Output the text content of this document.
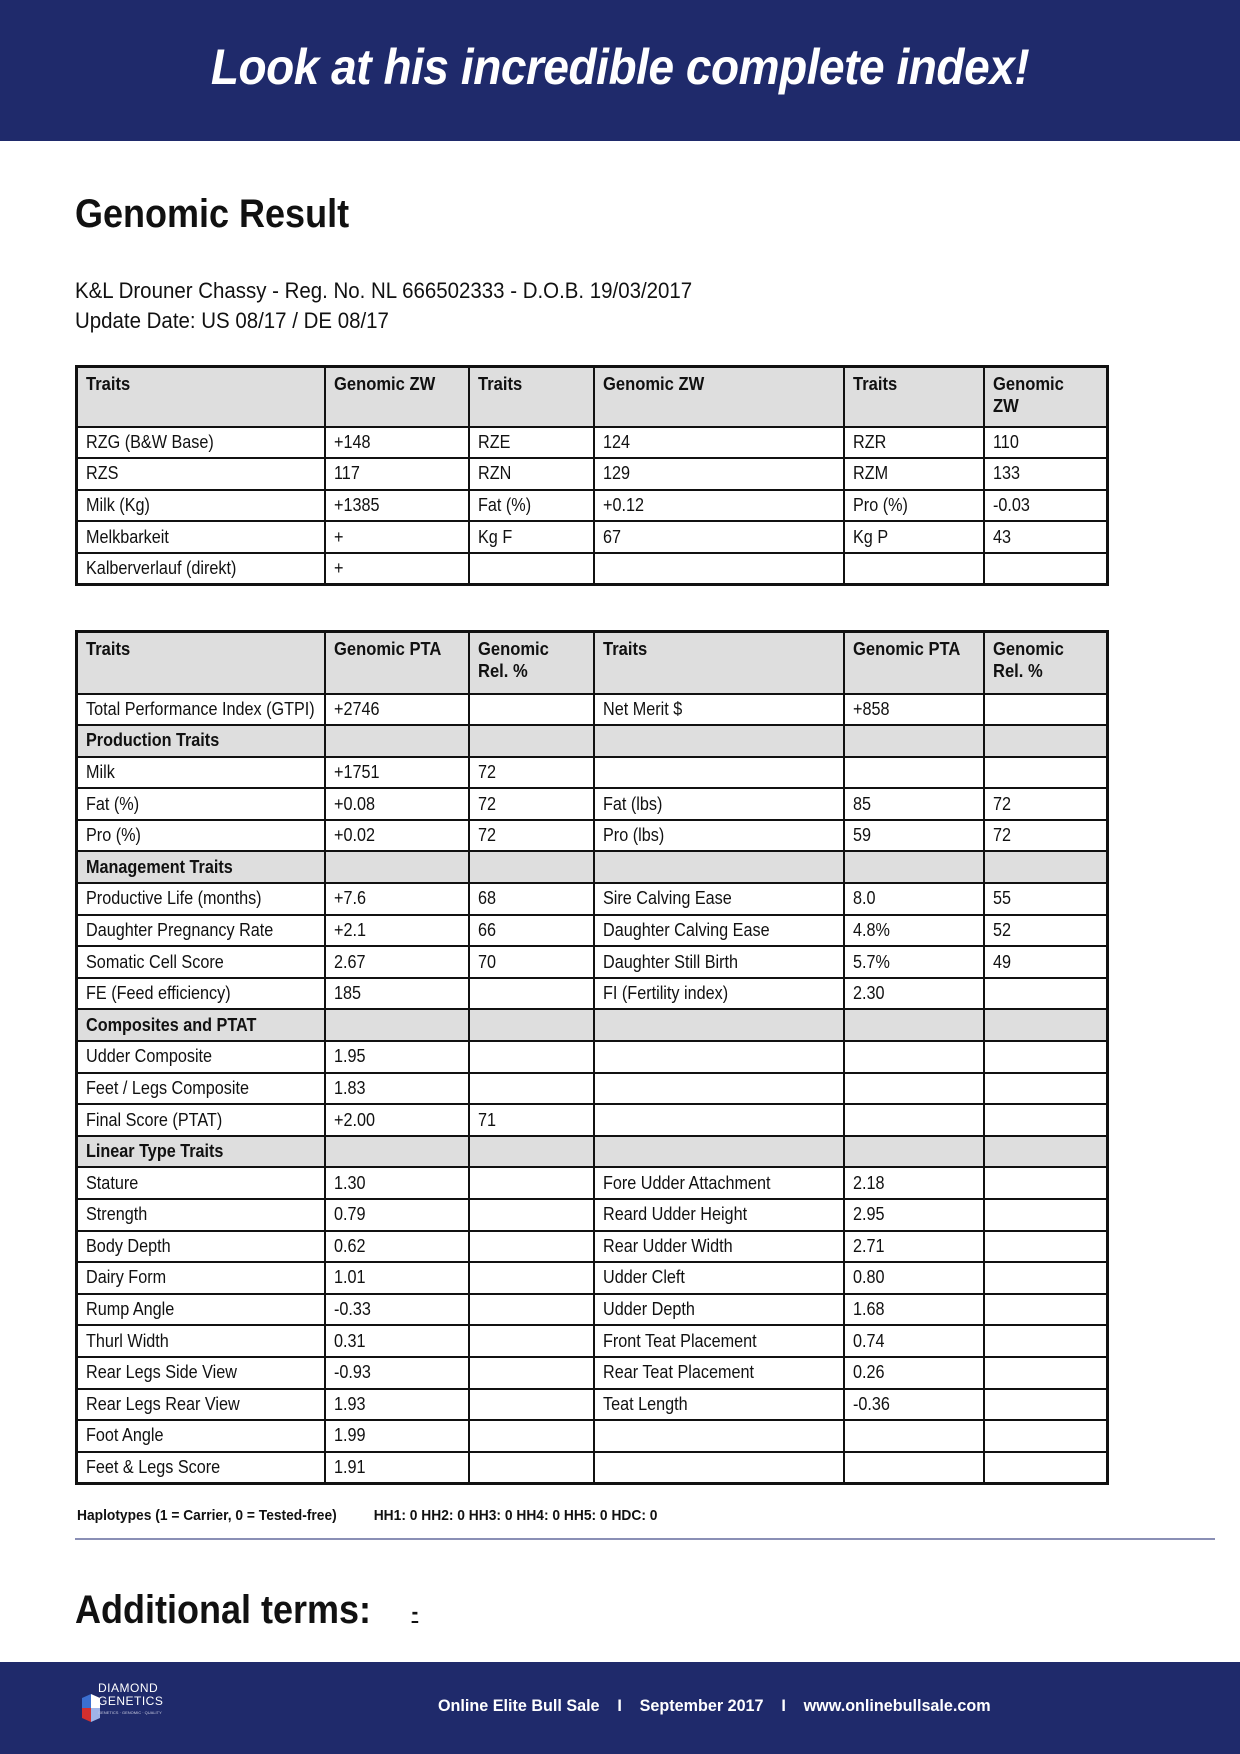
Look at his incredible complete index!
Genomic Result
K&L Drouner Chassy - Reg. No. NL 666502333 - D.O.B. 19/03/2017
Update Date: US 08/17 / DE 08/17
Traits	Genomic ZW	Traits	Genomic ZW	Traits	Genomic ZW
RZG (B&W Base)	+148	RZE	124	RZR	110
RZS	117	RZN	129	RZM	133
Milk (Kg)	+1385	Fat (%)	+0.12	Pro (%)	-0.03
Melkbarkeit	+	Kg F	67	Kg P	43
Kalberverlauf (direkt)	+				
Traits	Genomic PTA	Genomic Rel. %	Traits	Genomic PTA	Genomic Rel. %
Total Performance Index (GTPI)	+2746		Net Merit $	+858	
Production Traits					
Milk	+1751	72			
Fat (%)	+0.08	72	Fat (lbs)	85	72
Pro (%)	+0.02	72	Pro (lbs)	59	72
Management Traits					
Productive Life (months)	+7.6	68	Sire Calving Ease	8.0	55
Daughter Pregnancy Rate	+2.1	66	Daughter Calving Ease	4.8%	52
Somatic Cell Score	2.67	70	Daughter Still Birth	5.7%	49
FE (Feed efficiency)	185		FI (Fertility index)	2.30	
Composites and PTAT					
Udder Composite	1.95				
Feet / Legs Composite	1.83				
Final Score (PTAT)	+2.00	71			
Linear Type Traits					
Stature	1.30		Fore Udder Attachment	2.18	
Strength	0.79		Reard Udder Height	2.95	
Body Depth	0.62		Rear Udder Width	2.71	
Dairy Form	1.01		Udder Cleft	0.80	
Rump Angle	-0.33		Udder Depth	1.68	
Thurl Width	0.31		Front Teat Placement	0.74	
Rear Legs Side View	-0.93		Rear Teat Placement	0.26	
Rear Legs Rear View	1.93		Teat Length	-0.36	
Foot Angle	1.99				
Feet & Legs Score	1.91				
Haplotypes (1 = Carrier, 0 = Tested-free) HH1: 0 HH2: 0 HH3: 0 HH4: 0 HH5: 0 HDC: 0
Additional terms: -
DIAMOND
GENETICS
GENETICS · GENOMIC · QUALITY	Online Elite Bull Sale I September 2017 I www.onlinebullsale.com
